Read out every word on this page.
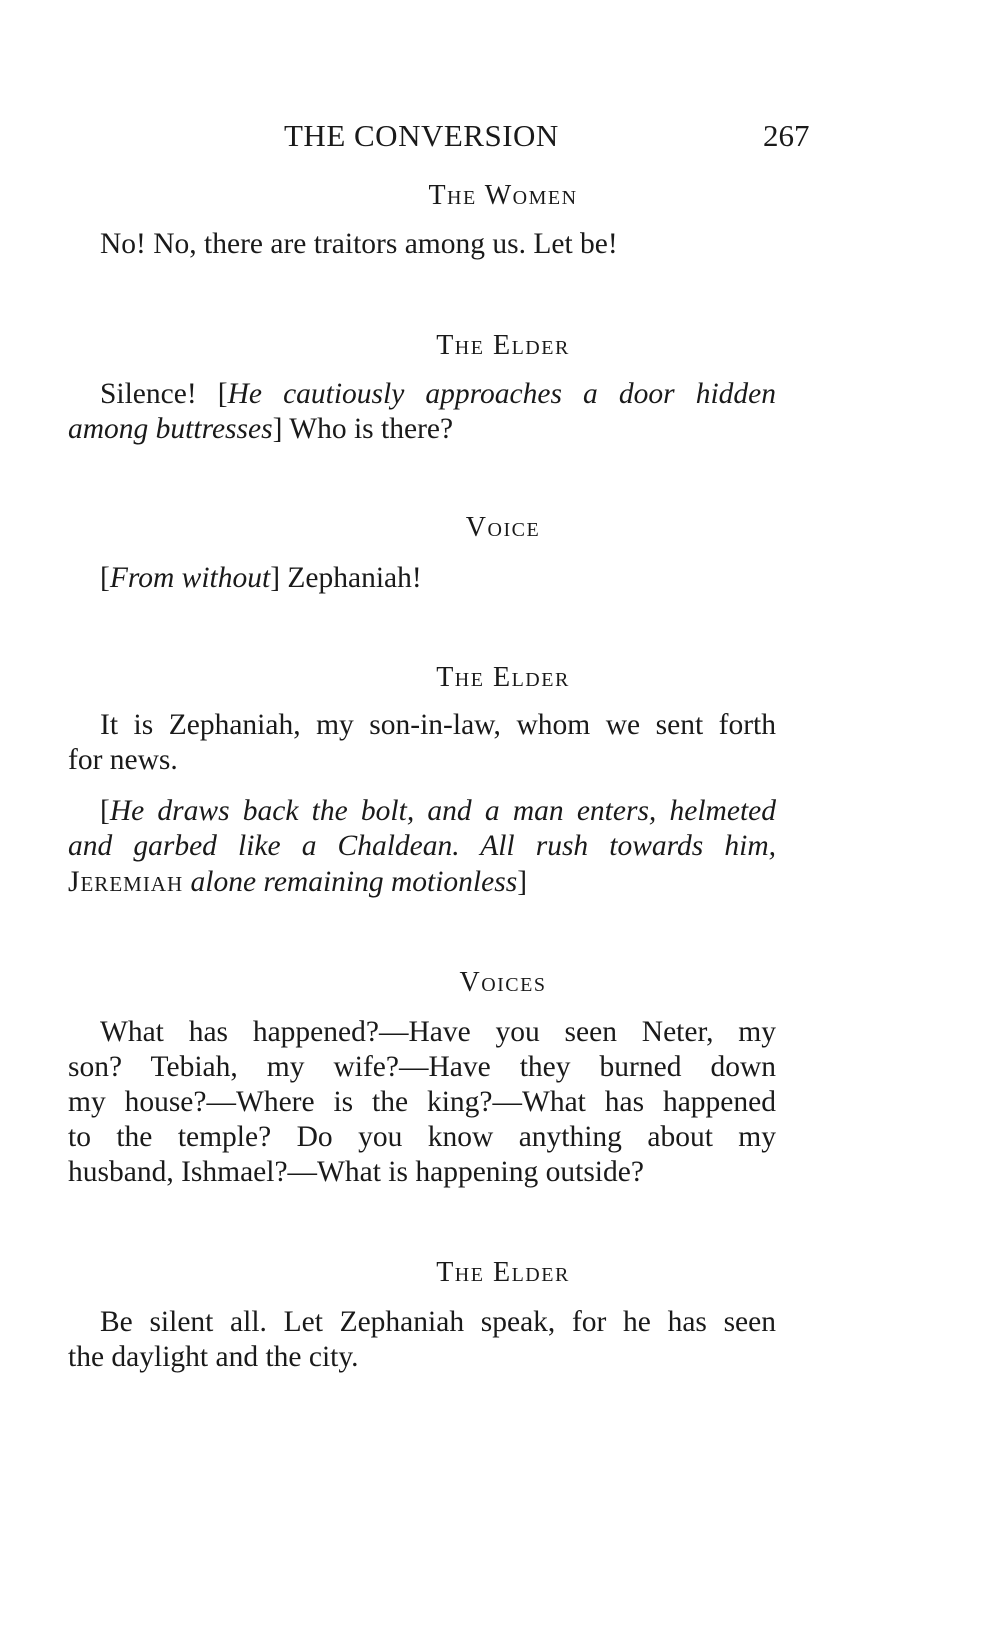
THE CONVERSION	267
The Women
No! No, there are traitors among us. Let be!
The Elder
Silence! [He cautiously approaches a door hidden
among buttresses] Who is there?
Voice
[From without] Zephaniah!
The Elder
It is Zephaniah, my son-in-law, whom we sent forth
for news.
[He draws back the bolt, and a man enters, helmeted
and garbed like a Chaldean. All rush towards him,
Jeremiah alone remaining motionless]
Voices
What has happened?—Have you seen Neter, my
son? Tebiah, my wife?—Have they burned down
my house?—Where is the king?—What has happened
to the temple? Do you know anything about my
husband, Ishmael?—What is happening outside?
The Elder
Be silent all. Let Zephaniah speak, for he has seen
the daylight and the city.
